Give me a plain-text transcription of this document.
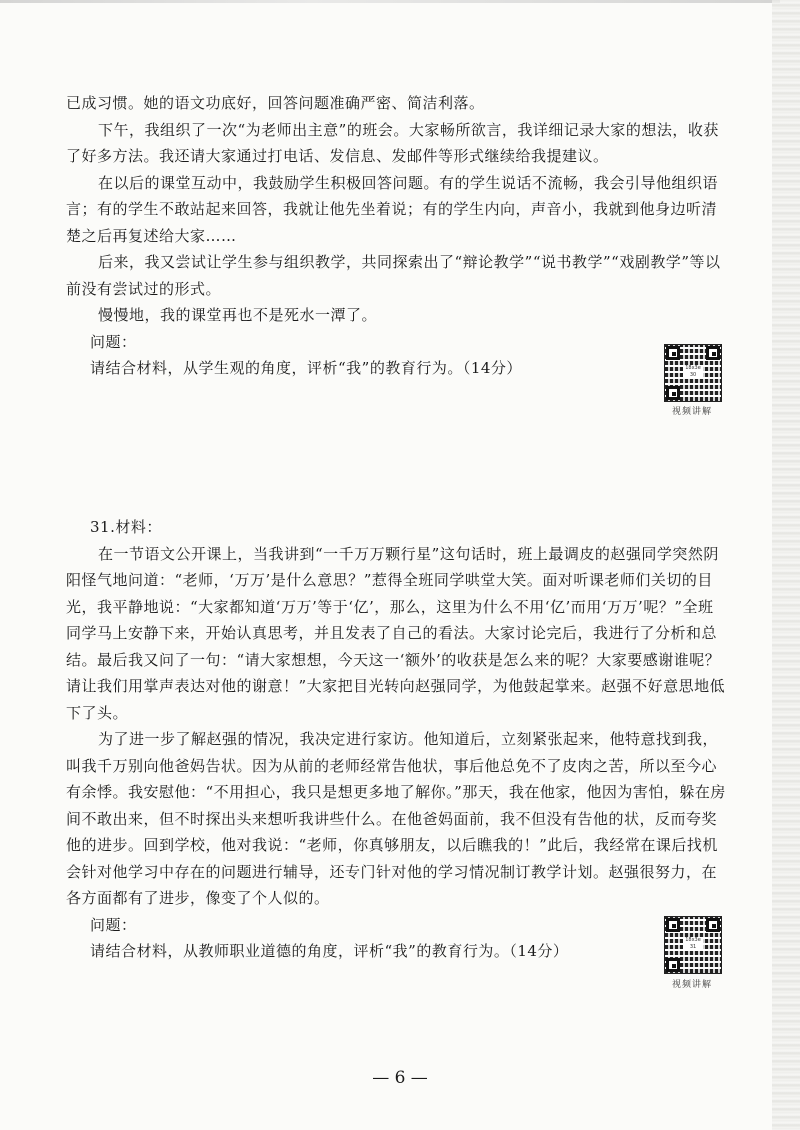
已成习惯。她的语文功底好，回答问题准确严密、简洁利落。

下午，我组织了一次“为老师出主意”的班会。大家畅所欲言，我详细记录大家的想法，收获了好多方法。我还请大家通过打电话、发信息、发邮件等形式继续给我提建议。

在以后的课堂互动中，我鼓励学生积极回答问题。有的学生说话不流畅，我会引导他组织语言；有的学生不敢站起来回答，我就让他先坐着说；有的学生内向，声音小，我就到他身边听清楚之后再复述给大家……

后来，我又尝试让学生参与组织教学，共同探索出了“辩论教学”“说书教学”“戏剧教学”等以前没有尝试过的形式。

慢慢地，我的课堂再也不是死水一潭了。

问题：

请结合材料，从学生观的角度，评析“我”的教育行为。（14分）	18x3e 30
视频讲解

31.材料：

在一节语文公开课上，当我讲到“一千万万颗行星”这句话时，班上最调皮的赵强同学突然阴阳怪气地问道：“老师，‘万万’是什么意思？”惹得全班同学哄堂大笑。面对听课老师们关切的目光，我平静地说：“大家都知道‘万万’等于‘亿’，那么，这里为什么不用‘亿’而用‘万万’呢？”全班同学马上安静下来，开始认真思考，并且发表了自己的看法。大家讨论完后，我进行了分析和总结。最后我又问了一句：“请大家想想，今天这一‘额外’的收获是怎么来的呢？大家要感谢谁呢？请让我们用掌声表达对他的谢意！”大家把目光转向赵强同学，为他鼓起掌来。赵强不好意思地低下了头。

为了进一步了解赵强的情况，我决定进行家访。他知道后，立刻紧张起来，他特意找到我，叫我千万别向他爸妈告状。因为从前的老师经常告他状，事后他总免不了皮肉之苦，所以至今心有余悸。我安慰他：“不用担心，我只是想更多地了解你。”那天，我在他家，他因为害怕，躲在房间不敢出来，但不时探出头来想听我讲些什么。在他爸妈面前，我不但没有告他的状，反而夸奖他的进步。回到学校，他对我说：“老师，你真够朋友，以后瞧我的！”此后，我经常在课后找机会针对他学习中存在的问题进行辅导，还专门针对他的学习情况制订教学计划。赵强很努力，在各方面都有了进步，像变了个人似的。

问题：

请结合材料，从教师职业道德的角度，评析“我”的教育行为。（14分）

18x3e 31
视频讲解
— 6 —
